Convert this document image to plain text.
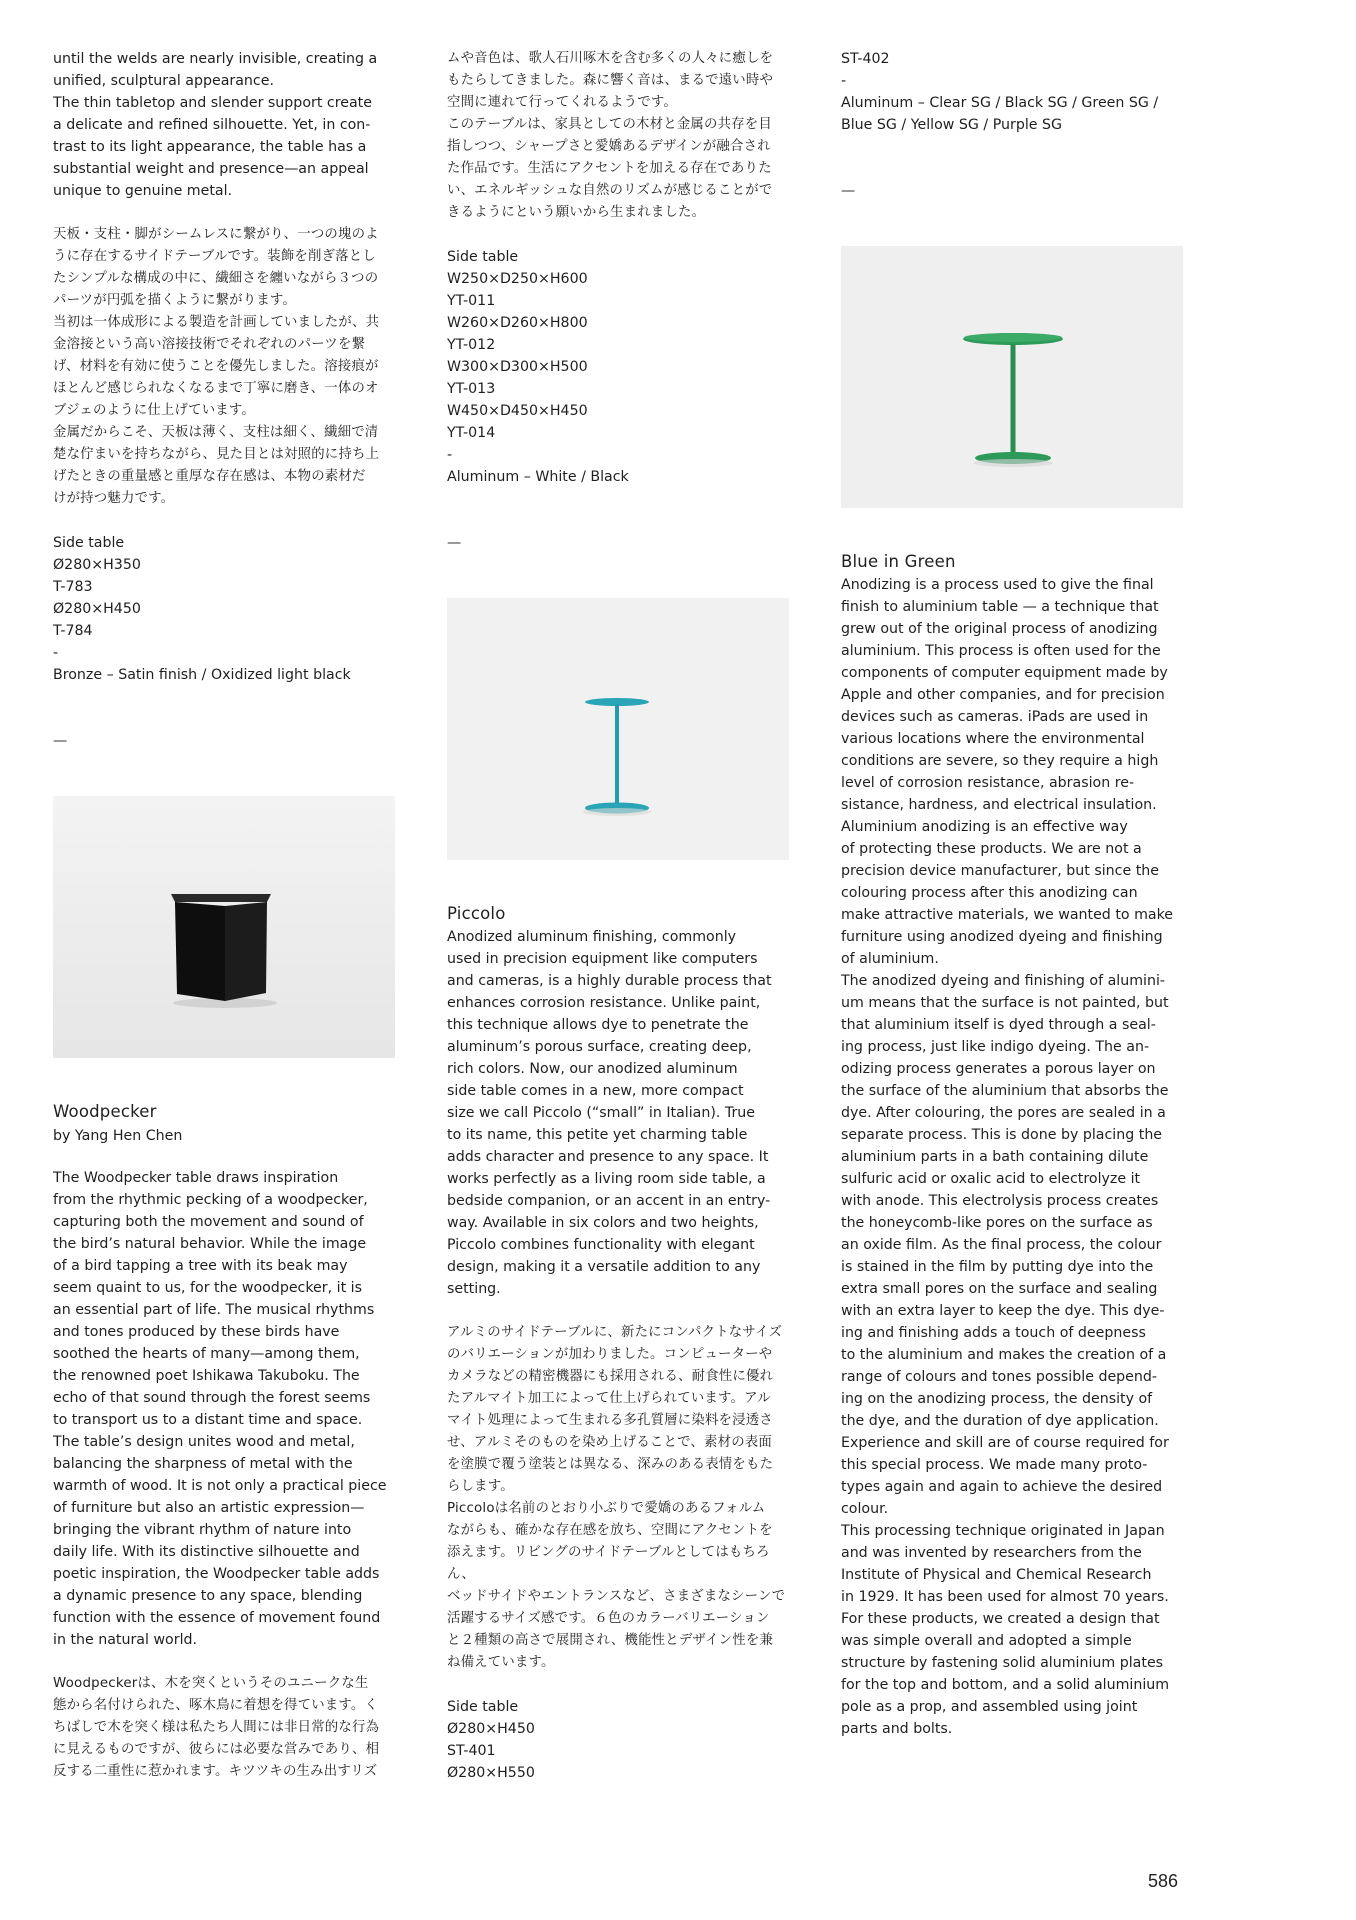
until the welds are nearly invisible, creating a
unified, sculptural appearance.
The thin tabletop and slender support create
a delicate and refined silhouette. Yet, in con-
trast to its light appearance, the table has a
substantial weight and presence—an appeal
unique to genuine metal.

天板・支柱・脚がシームレスに繋がり、一つの塊のよ
うに存在するサイドテーブルです。装飾を削ぎ落とし
たシンプルな構成の中に、繊細さを纏いながら３つの
パーツが円弧を描くように繋がります。
当初は一体成形による製造を計画していましたが、共
金溶接という高い溶接技術でそれぞれのパーツを繋
げ、材料を有効に使うことを優先しました。溶接痕が
ほとんど感じられなくなるまで丁寧に磨き、一体のオ
ブジェのように仕上げています。
金属だからこそ、天板は薄く、支柱は細く、繊細で清
楚な佇まいを持ちながら、見た目とは対照的に持ち上
げたときの重量感と重厚な存在感は、本物の素材だ
けが持つ魅力です。

Side table
Ø280×H350
T-783
Ø280×H450
T-784
-
Bronze – Satin finish / Oxidized light black

—
Woodpecker
by Yang Hen Chen

The Woodpecker table draws inspiration
from the rhythmic pecking of a woodpecker,
capturing both the movement and sound of
the bird’s natural behavior. While the image
of a bird tapping a tree with its beak may
seem quaint to us, for the woodpecker, it is
an essential part of life. The musical rhythms
and tones produced by these birds have
soothed the hearts of many—among them,
the renowned poet Ishikawa Takuboku. The
echo of that sound through the forest seems
to transport us to a distant time and space.
The table’s design unites wood and metal,
balancing the sharpness of metal with the
warmth of wood. It is not only a practical piece
of furniture but also an artistic expression—
bringing the vibrant rhythm of nature into
daily life. With its distinctive silhouette and
poetic inspiration, the Woodpecker table adds
a dynamic presence to any space, blending
function with the essence of movement found
in the natural world.

Woodpeckerは、木を突くというそのユニークな生
態から名付けられた、啄木鳥に着想を得ています。く
ちばしで木を突く様は私たち人間には非日常的な行為
に見えるものですが、彼らには必要な営みであり、相
反する二重性に惹かれます。キツツキの生み出すリズ

ムや音色は、歌人石川啄木を含む多くの人々に癒しを
もたらしてきました。森に響く音は、まるで遠い時や
空間に連れて行ってくれるようです。
このテーブルは、家具としての木材と金属の共存を目
指しつつ、シャープさと愛嬌あるデザインが融合され
た作品です。生活にアクセントを加える存在でありた
い、エネルギッシュな自然のリズムが感じることがで
きるようにという願いから生まれました。

Side table
W250×D250×H600
YT-011
W260×D260×H800
YT-012
W300×D300×H500
YT-013
W450×D450×H450
YT-014
-
Aluminum – White / Black

—
Piccolo

Anodized aluminum finishing, commonly
used in precision equipment like computers
and cameras, is a highly durable process that
enhances corrosion resistance. Unlike paint,
this technique allows dye to penetrate the
aluminum’s porous surface, creating deep,
rich colors. Now, our anodized aluminum
side table comes in a new, more compact
size we call Piccolo (“small” in Italian). True
to its name, this petite yet charming table
adds character and presence to any space. It
works perfectly as a living room side table, a
bedside companion, or an accent in an entry-
way. Available in six colors and two heights,
Piccolo combines functionality with elegant
design, making it a versatile addition to any
setting.

アルミのサイドテーブルに、新たにコンパクトなサイズ
のバリエーションが加わりました。コンピューターや
カメラなどの精密機器にも採用される、耐食性に優れ
たアルマイト加工によって仕上げられています。アル
マイト処理によって生まれる多孔質層に染料を浸透さ
せ、アルミそのものを染め上げることで、素材の表面
を塗膜で覆う塗装とは異なる、深みのある表情をもた
らします。
Piccoloは名前のとおり小ぶりで愛嬌のあるフォルム
ながらも、確かな存在感を放ち、空間にアクセントを
添えます。リビングのサイドテーブルとしてはもちろん、
ベッドサイドやエントランスなど、さまざまなシーンで
活躍するサイズ感です。６色のカラーバリエーション
と２種類の高さで展開され、機能性とデザイン性を兼
ね備えています。

Side table
Ø280×H450
ST-401
Ø280×H550

ST-402
-
Aluminum – Clear SG / Black SG / Green SG /
Blue SG / Yellow SG / Purple SG

—
Blue in Green

Anodizing is a process used to give the final
finish to aluminium table — a technique that
grew out of the original process of anodizing
aluminium. This process is often used for the
components of computer equipment made by
Apple and other companies, and for precision
devices such as cameras. iPads are used in
various locations where the environmental
conditions are severe, so they require a high
level of corrosion resistance, abrasion re-
sistance, hardness, and electrical insulation.
Aluminium anodizing is an effective way
of protecting these products. We are not a
precision device manufacturer, but since the
colouring process after this anodizing can
make attractive materials, we wanted to make
furniture using anodized dyeing and finishing
of aluminium.
The anodized dyeing and finishing of alumini-
um means that the surface is not painted, but
that aluminium itself is dyed through a seal-
ing process, just like indigo dyeing. The an-
odizing process generates a porous layer on
the surface of the aluminium that absorbs the
dye. After colouring, the pores are sealed in a
separate process. This is done by placing the
aluminium parts in a bath containing dilute
sulfuric acid or oxalic acid to electrolyze it
with anode. This electrolysis process creates
the honeycomb-like pores on the surface as
an oxide film. As the final process, the colour
is stained in the film by putting dye into the
extra small pores on the surface and sealing
with an extra layer to keep the dye. This dye-
ing and finishing adds a touch of deepness
to the aluminium and makes the creation of a
range of colours and tones possible depend-
ing on the anodizing process, the density of
the dye, and the duration of dye application.
Experience and skill are of course required for
this special process. We made many proto-
types again and again to achieve the desired
colour.
This processing technique originated in Japan
and was invented by researchers from the
Institute of Physical and Chemical Research
in 1929. It has been used for almost 70 years.
For these products, we created a design that
was simple overall and adopted a simple
structure by fastening solid aluminium plates
for the top and bottom, and a solid aluminium
pole as a prop, and assembled using joint
parts and bolts.

586
